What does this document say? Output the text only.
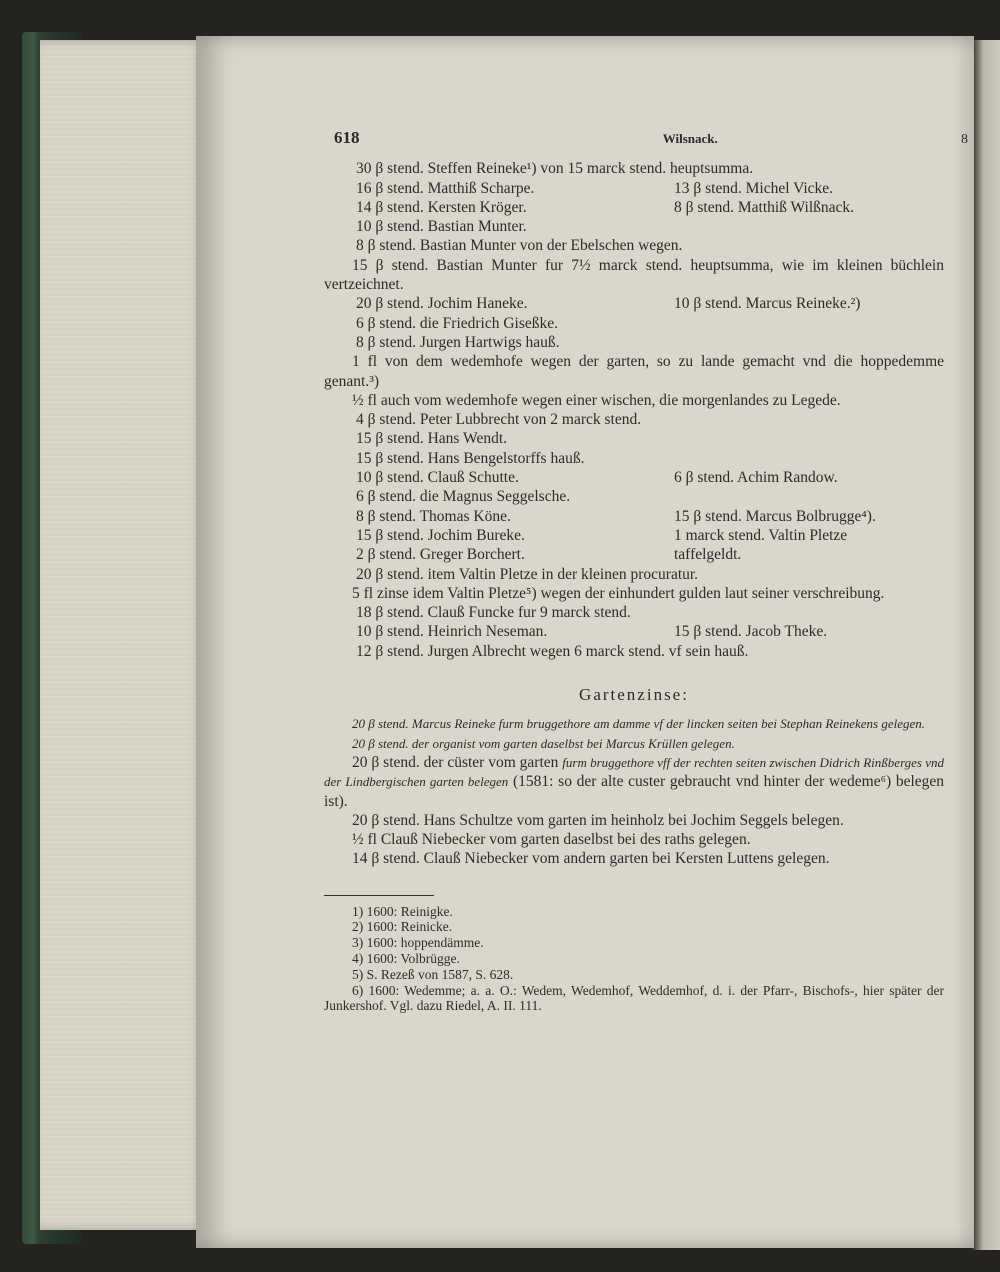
618	Wilsnack.	8
30 β stend. Steffen Reineke¹) von 15 marck stend. heuptsumma.
16 β stend. Matthiß Scharpe.	13 β stend. Michel Vicke.
14 β stend. Kersten Kröger.	8 β stend. Matthiß Wilßnack.
10 β stend. Bastian Munter.
8 β stend. Bastian Munter von der Ebelschen wegen.
15 β stend. Bastian Munter fur 7½ marck stend. heuptsumma, wie im kleinen büchlein vertzeichnet.
20 β stend. Jochim Haneke.	10 β stend. Marcus Reineke.²)
6 β stend. die Friedrich Giseßke.
8 β stend. Jurgen Hartwigs hauß.
1 fl von dem wedemhofe wegen der garten, so zu lande gemacht vnd die hoppedemme genant.³)
½ fl auch vom wedemhofe wegen einer wischen, die morgenlandes zu Legede.
4 β stend. Peter Lubbrecht von 2 marck stend.
15 β stend. Hans Wendt.
15 β stend. Hans Bengelstorffs hauß.
10 β stend. Clauß Schutte.	6 β stend. Achim Randow.
6 β stend. die Magnus Seggelsche.
8 β stend. Thomas Köne.	15 β stend. Marcus Bolbrugge⁴).
15 β stend. Jochim Bureke.	1 marck stend. Valtin Pletze
2 β stend. Greger Borchert.	taffelgeldt.
20 β stend. item Valtin Pletze in der kleinen procuratur.
5 fl zinse idem Valtin Pletze⁵) wegen der einhundert gulden laut seiner verschreibung.
18 β stend. Clauß Funcke fur 9 marck stend.
10 β stend. Heinrich Neseman.	15 β stend. Jacob Theke.
12 β stend. Jurgen Albrecht wegen 6 marck stend. vf sein hauß.
Gartenzinse:
20 β stend. Marcus Reineke furm bruggethore am damme vf der lincken seiten bei Stephan Reinekens gelegen.
20 β stend. der organist vom garten daselbst bei Marcus Krüllen gelegen.
20 β stend. der cüster vom garten furm bruggethore vff der rechten seiten zwischen Didrich Rinßberges vnd der Lindbergischen garten belegen (1581: so der alte custer gebraucht vnd hinter der wedeme⁶) belegen ist).
20 β stend. Hans Schultze vom garten im heinholz bei Jochim Seggels belegen.
½ fl Clauß Niebecker vom garten daselbst bei des raths gelegen.
14 β stend. Clauß Niebecker vom andern garten bei Kersten Luttens gelegen.
1) 1600: Reinigke.
2) 1600: Reinicke.
3) 1600: hoppendämme.
4) 1600: Volbrügge.
5) S. Rezeß von 1587, S. 628.
6) 1600: Wedemme; a. a. O.: Wedem, Wedemhof, Weddemhof, d. i. der Pfarr-, Bischofs-, hier später der Junkershof. Vgl. dazu Riedel, A. II. 111.
